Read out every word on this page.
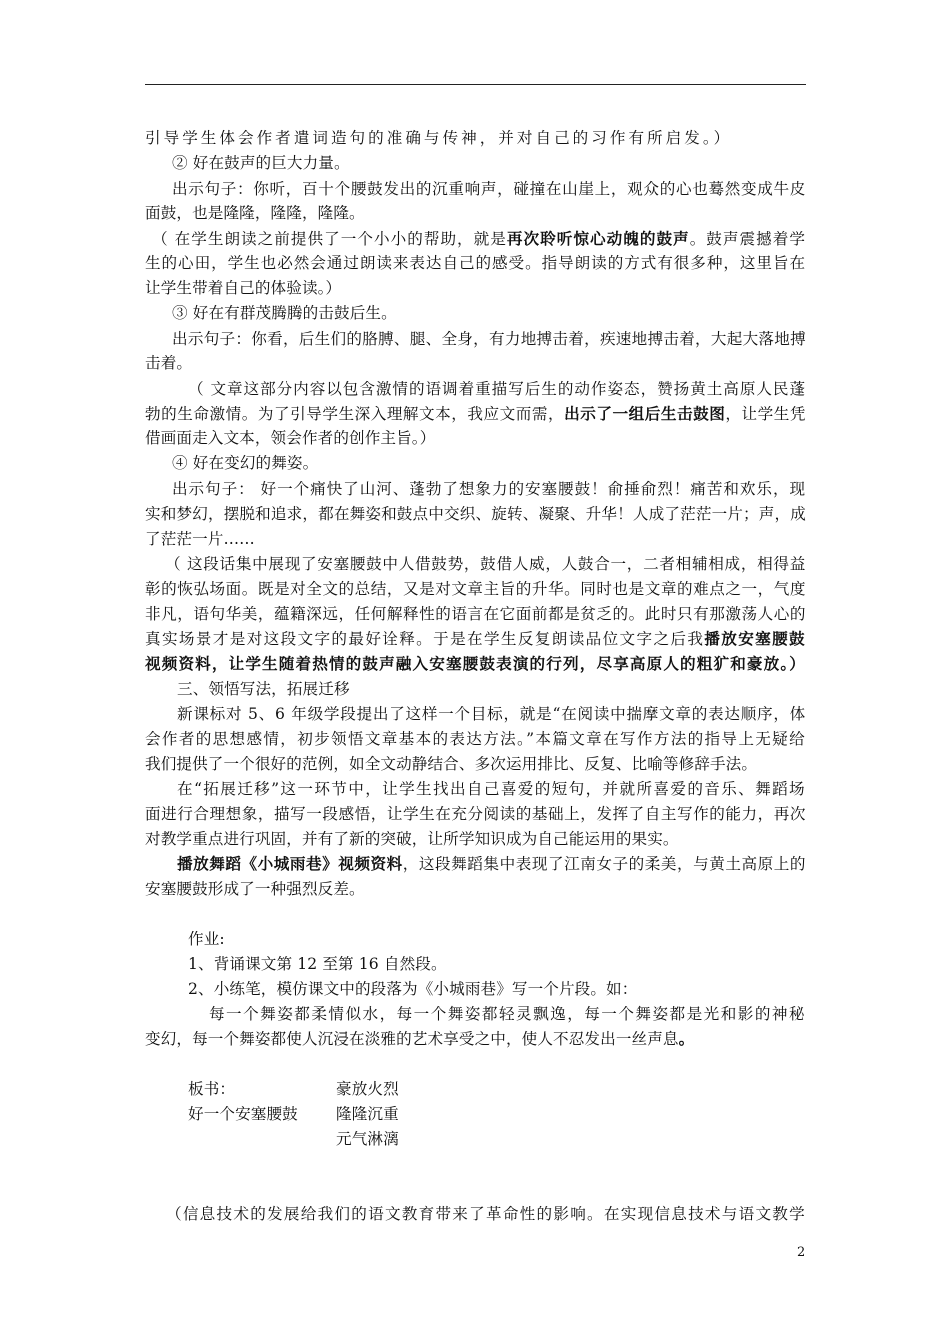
引导学生体会作者遣词造句的准确与传神，并对自己的习作有所启发。）
② 好在鼓声的巨大力量。
出示句子：你听，百十个腰鼓发出的沉重响声，碰撞在山崖上，观众的心也蓦然变成牛皮
面鼓，也是隆隆，隆隆，隆隆。
（ 在学生朗读之前提供了一个小小的帮助，就是再次聆听惊心动魄的鼓声。鼓声震撼着学
生的心田，学生也必然会通过朗读来表达自己的感受。指导朗读的方式有很多种，这里旨在
让学生带着自己的体验读。）
③ 好在有群茂腾腾的击鼓后生。
出示句子：你看，后生们的胳膊、腿、全身，有力地搏击着，疾速地搏击着，大起大落地搏
击着。
（ 文章这部分内容以包含激情的语调着重描写后生的动作姿态，赞扬黄土高原人民蓬
勃的生命激情。为了引导学生深入理解文本，我应文而需，出示了一组后生击鼓图，让学生凭
借画面走入文本，领会作者的创作主旨。）
④ 好在变幻的舞姿。
出示句子： 好一个痛快了山河、蓬勃了想象力的安塞腰鼓！俞捶俞烈！痛苦和欢乐，现
实和梦幻，摆脱和追求，都在舞姿和鼓点中交织、旋转、凝聚、升华！人成了茫茫一片；声，成
了茫茫一片……
（ 这段话集中展现了安塞腰鼓中人借鼓势，鼓借人威，人鼓合一，二者相辅相成，相得益
彰的恢弘场面。既是对全文的总结，又是对文章主旨的升华。同时也是文章的难点之一，气度
非凡，语句华美，蕴籍深远，任何解释性的语言在它面前都是贫乏的。此时只有那激荡人心的
真实场景才是对这段文字的最好诠释。于是在学生反复朗读品位文字之后我播放安塞腰鼓
视频资料，让学生随着热情的鼓声融入安塞腰鼓表演的行列，尽享高原人的粗犷和豪放。）
三、领悟写法，拓展迁移
新课标对 5、6 年级学段提出了这样一个目标，就是“在阅读中揣摩文章的表达顺序，体
会作者的思想感情，初步领悟文章基本的表达方法。”本篇文章在写作方法的指导上无疑给
我们提供了一个很好的范例，如全文动静结合、多次运用排比、反复、比喻等修辞手法。
在“拓展迁移”这一环节中，让学生找出自己喜爱的短句，并就所喜爱的音乐、舞蹈场
面进行合理想象，描写一段感悟，让学生在充分阅读的基础上，发挥了自主写作的能力，再次
对教学重点进行巩固，并有了新的突破，让所学知识成为自己能运用的果实。
播放舞蹈《小城雨巷》视频资料，这段舞蹈集中表现了江南女子的柔美，与黄土高原上的
安塞腰鼓形成了一种强烈反差。
作业:
1、背诵课文第 12 至第 16 自然段。
2、小练笔，模仿课文中的段落为《小城雨巷》写一个片段。如：
每一个舞姿都柔情似水，每一个舞姿都轻灵飘逸，每一个舞姿都是光和影的神秘
变幻，每一个舞姿都使人沉浸在淡雅的艺术享受之中，使人不忍发出一丝声息。
板书：	豪放火烈
好一个安塞腰鼓 隆隆沉重
元气淋漓
（信息技术的发展给我们的语文教育带来了革命性的影响。在实现信息技术与语文教学
2
